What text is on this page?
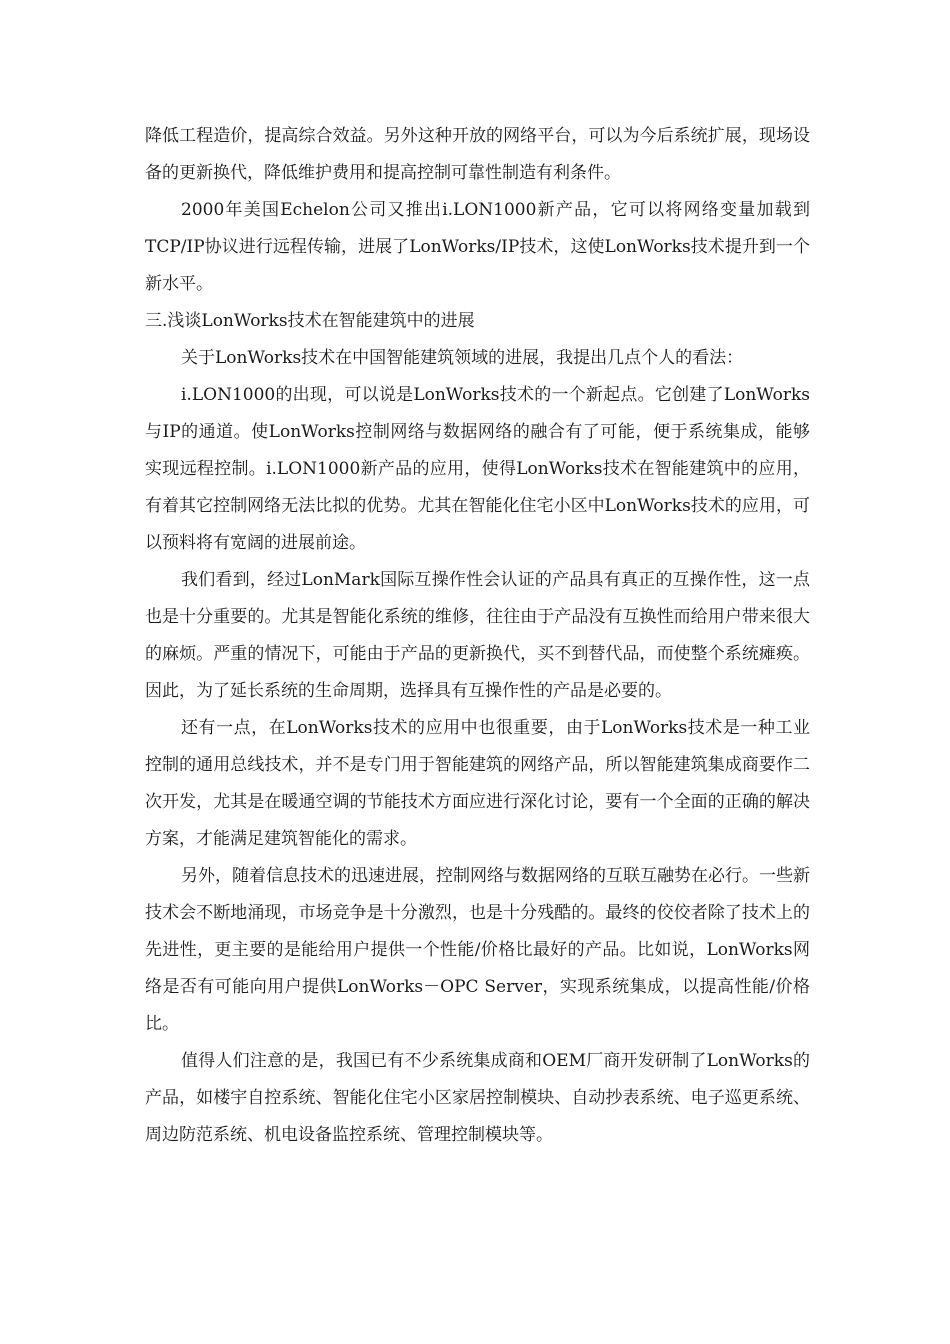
降低工程造价，提高综合效益。另外这种开放的网络平台，可以为今后系统扩展，现场设备的更新换代，降低维护费用和提高控制可靠性制造有利条件。

2000年美国Echelon公司又推出i.LON1000新产品，它可以将网络变量加载到TCP/IP协议进行远程传输，进展了LonWorks/IP技术，这使LonWorks技术提升到一个新水平。

三.浅谈LonWorks技术在智能建筑中的进展

关于LonWorks技术在中国智能建筑领域的进展，我提出几点个人的看法：

i.LON1000的出现，可以说是LonWorks技术的一个新起点。它创建了LonWorks与IP的通道。使LonWorks控制网络与数据网络的融合有了可能，便于系统集成，能够实现远程控制。i.LON1000新产品的应用，使得LonWorks技术在智能建筑中的应用，有着其它控制网络无法比拟的优势。尤其在智能化住宅小区中LonWorks技术的应用，可以预料将有宽阔的进展前途。

我们看到，经过LonMark国际互操作性会认证的产品具有真正的互操作性，这一点也是十分重要的。尤其是智能化系统的维修，往往由于产品没有互换性而给用户带来很大的麻烦。严重的情况下，可能由于产品的更新换代，买不到替代品，而使整个系统瘫痪。因此，为了延长系统的生命周期，选择具有互操作性的产品是必要的。

还有一点，在LonWorks技术的应用中也很重要，由于LonWorks技术是一种工业控制的通用总线技术，并不是专门用于智能建筑的网络产品，所以智能建筑集成商要作二次开发，尤其是在暖通空调的节能技术方面应进行深化讨论，要有一个全面的正确的解决方案，才能满足建筑智能化的需求。

另外，随着信息技术的迅速进展，控制网络与数据网络的互联互融势在必行。一些新技术会不断地涌现，市场竞争是十分激烈，也是十分残酷的。最终的佼佼者除了技术上的先进性，更主要的是能给用户提供一个性能/价格比最好的产品。比如说，LonWorks网络是否有可能向用户提供LonWorks－OPC Server，实现系统集成，以提高性能/价格比。

值得人们注意的是，我国已有不少系统集成商和OEM厂商开发研制了LonWorks的产品，如楼宇自控系统、智能化住宅小区家居控制模块、自动抄表系统、电子巡更系统、周边防范系统、机电设备监控系统、管理控制模块等。
